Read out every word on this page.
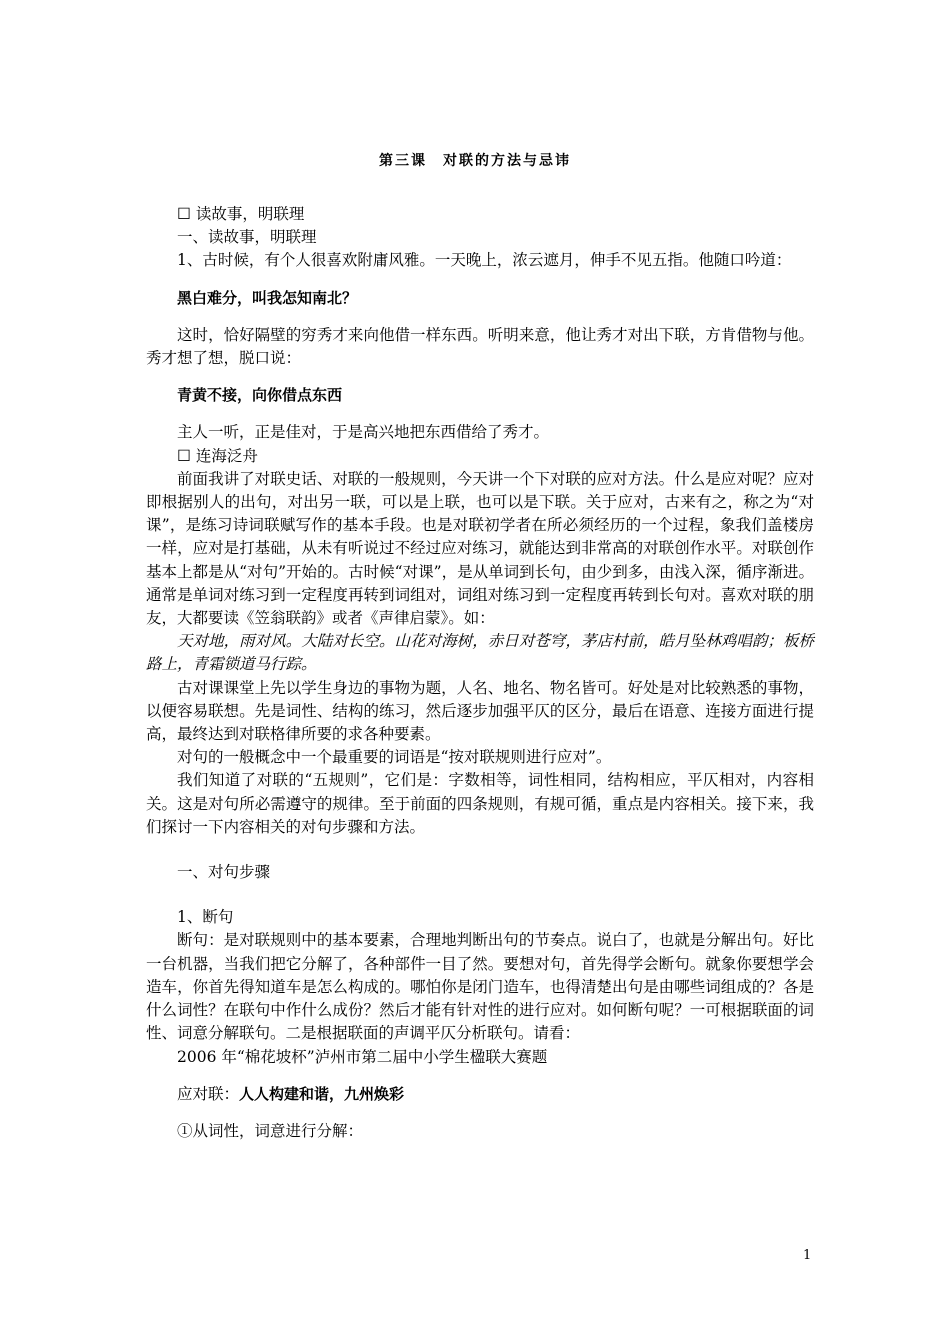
第三课　对联的方法与忌讳

☐ 读故事，明联理

一、读故事，明联理

1、古时候，有个人很喜欢附庸风雅。一天晚上，浓云遮月，伸手不见五指。他随口吟道：

黑白难分，叫我怎知南北？

这时，恰好隔壁的穷秀才来向他借一样东西。听明来意，他让秀才对出下联，方肯借物与他。 秀才想了想，脱口说：

青黄不接，向你借点东西

主人一听，正是佳对，于是高兴地把东西借给了秀才。

☐ 连海泛舟

前面我讲了对联史话、对联的一般规则，今天讲一个下对联的应对方法。什么是应对呢？应对即根据别人的出句，对出另一联，可以是上联，也可以是下联。关于应对，古来有之，称之为“对课”，是练习诗词联赋写作的基本手段。也是对联初学者在所必须经历的一个过程，象我们盖楼房一样，应对是打基础，从未有听说过不经过应对练习，就能达到非常高的对联创作水平。对联创作基本上都是从“对句”开始的。古时候“对课”，是从单词到长句，由少到多，由浅入深，循序渐进。通常是单词对练习到一定程度再转到词组对，词组对练习到一定程度再转到长句对。喜欢对联的朋友，大都要读《笠翁联韵》或者《声律启蒙》。如：

天对地，雨对风。大陆对长空。山花对海树，赤日对苍穹，茅店村前，皓月坠林鸡唱韵；板桥路上，青霜锁道马行踪。

古对课课堂上先以学生身边的事物为题，人名、地名、物名皆可。好处是对比较熟悉的事物，以便容易联想。先是词性、结构的练习，然后逐步加强平仄的区分，最后在语意、连接方面进行提高，最终达到对联格律所要的求各种要素。

对句的一般概念中一个最重要的词语是“按对联规则进行应对”。

我们知道了对联的“五规则”，它们是：字数相等，词性相同，结构相应，平仄相对，内容相关。这是对句所必需遵守的规律。至于前面的四条规则，有规可循，重点是内容相关。接下来，我们探讨一下内容相关的对句步骤和方法。

一、对句步骤

1、断句

断句：是对联规则中的基本要素，合理地判断出句的节奏点。说白了，也就是分解出句。好比一台机器，当我们把它分解了，各种部件一目了然。要想对句，首先得学会断句。就象你要想学会造车，你首先得知道车是怎么构成的。哪怕你是闭门造车，也得清楚出句是由哪些词组成的？各是什么词性？在联句中作什么成份？然后才能有针对性的进行应对。如何断句呢？一可根据联面的词性、词意分解联句。二是根据联面的声调平仄分析联句。请看：

2006 年“棉花坡杯”泸州市第二届中小学生楹联大赛题

应对联：人人构建和谐，九州焕彩

①从词性，词意进行分解：

1
